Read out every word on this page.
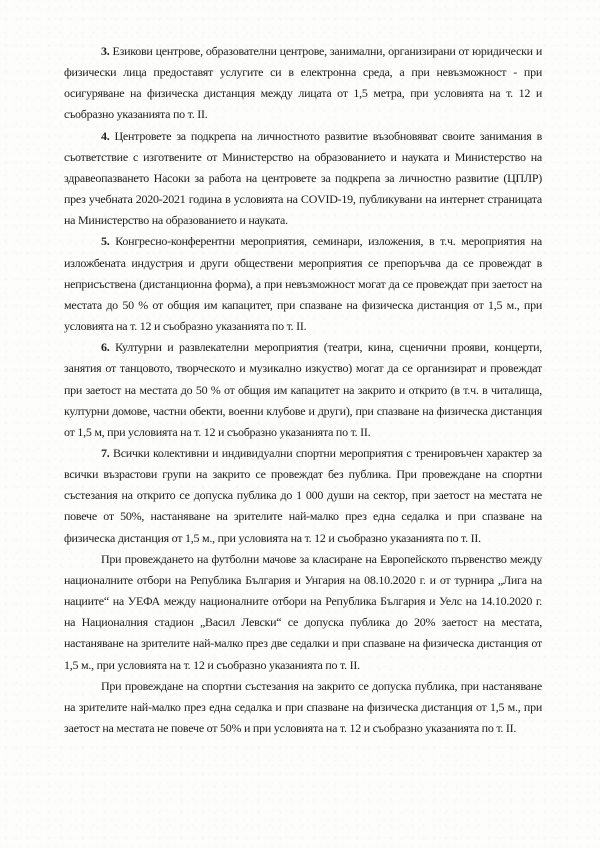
3. Езикови центрове, образователни центрове, занимални, организирани от юридически и физически лица предоставят услугите си в електронна среда, а при невъзможност - при осигуряване на физическа дистанция между лицата от 1,5 метра, при условията на т. 12 и съобразно указанията по т. II.

4. Центровете за подкрепа на личностното развитие възобновяват своите занимания в съответствие с изготвените от Министерство на образованието и науката и Министерство на здравеопазването Насоки за работа на центровете за подкрепа за личностно развитие (ЦПЛР) през учебната 2020-2021 година в условията на COVID-19, публикувани на интернет страницата на Министерство на образованието и науката.

5. Конгресно-конферентни мероприятия, семинари, изложения, в т.ч. мероприятия на изложбената индустрия и други обществени мероприятия се препоръчва да се провеждат в неприсъствена (дистанционна форма), а при невъзможност могат да се провеждат при заетост на местата до 50 % от общия им капацитет, при спазване на физическа дистанция от 1,5 м., при условията на т. 12 и съобразно указанията по т. II.

6. Културни и развлекателни мероприятия (театри, кина, сценични прояви, концерти, занятия от танцовото, творческото и музикално изкуство) могат да се организират и провеждат при заетост на местата до 50 % от общия им капацитет на закрито и открито (в т.ч. в читалища, културни домове, частни обекти, военни клубове и други), при спазване на физическа дистанция от 1,5 м, при условията на т. 12 и съобразно указанията по т. II.

7. Всички колективни и индивидуални спортни мероприятия с тренировъчен характер за всички възрастови групи на закрито се провеждат без публика. При провеждане на спортни състезания на открито се допуска публика до 1 000 души на сектор, при заетост на местата не повече от 50%, настаняване на зрителите най-малко през една седалка и при спазване на физическа дистанция от 1,5 м., при условията на т. 12 и съобразно указанията по т. II.

При провеждането на футболни мачове за класиране на Европейското първенство между националните отбори на Република България и Унгария на 08.10.2020 г. и от турнира „Лига на нациите“ на УЕФА между националните отбори на Република България и Уелс на 14.10.2020 г. на Националния стадион „Васил Левски“ се допуска публика до 20% заетост на местата, настаняване на зрителите най-малко през две седалки и при спазване на физическа дистанция от 1,5 м., при условията на т. 12 и съобразно указанията по т. II.

При провеждане на спортни състезания на закрито се допуска публика, при настаняване на зрителите най-малко през една седалка и при спазване на физическа дистанция от 1,5 м., при заетост на местата не повече от 50% и при условията на т. 12 и съобразно указанията по т. II.
